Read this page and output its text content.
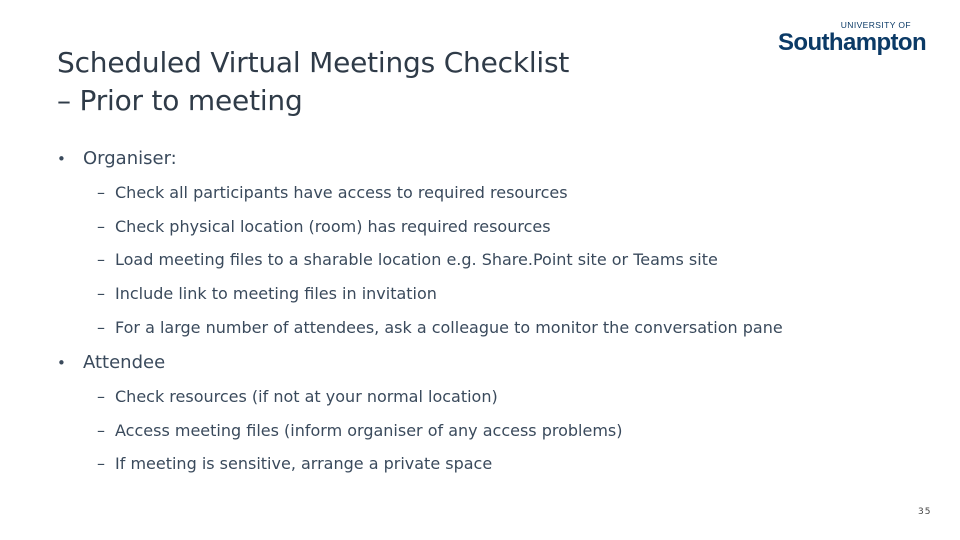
Scheduled Virtual Meetings Checklist
– Prior to meeting
UNIVERSITY OF
Southampton
• Organiser:
– Check all participants have access to required resources
– Check physical location (room) has required resources
– Load meeting files to a sharable location e.g. Share.Point site or Teams site
– Include link to meeting files in invitation
– For a large number of attendees, ask a colleague to monitor the conversation pane
• Attendee
– Check resources (if not at your normal location)
– Access meeting files (inform organiser of any access problems)
– If meeting is sensitive, arrange a private space
35
